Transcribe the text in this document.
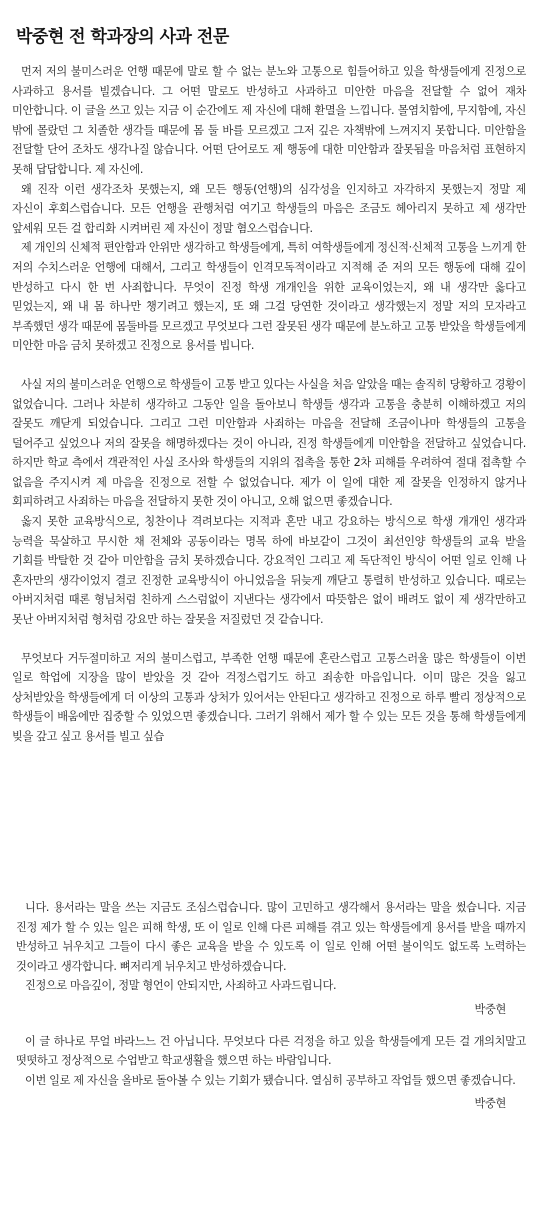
박중현 전 학과장의 사과 전문

먼저 저의 불미스러운 언행 때문에 말로 할 수 없는 분노와 고통으로 힘들어하고 있을 학생들에게 진정으로 사과하고 용서를 빌겠습니다. 그 어떤 말로도 반성하고 사과하고 미안한 마음을 전달할 수 없어 재차 미안합니다. 이 글을 쓰고 있는 지금 이 순간에도 제 자신에 대해 환멸을 느낍니다. 몰염치함에, 무지함에, 자신 밖에 몰랐던 그 치졸한 생각들 때문에 몸 둘 바를 모르겠고 그저 깊은 자책밖에 느껴지지 못합니다. 미안함을 전달할 단어 조차도 생각나질 않습니다. 어떤 단어로도 제 행동에 대한 미안함과 잘못됨을 마음처럼 표현하지 못해 답답합니다. 제 자신에.

왜 진작 이런 생각조차 못했는지, 왜 모든 행동(언행)의 심각성을 인지하고 자각하지 못했는지 정말 제 자신이 후회스럽습니다. 모든 언행을 관행처럼 여기고 학생들의 마음은 조금도 헤아리지 못하고 제 생각만 앞세워 모든 걸 합리화 시켜버린 제 자신이 정말 혐오스럽습니다.

제 개인의 신체적 편안함과 안위만 생각하고 학생들에게, 특히 여학생들에게 정신적·신체적 고통을 느끼게 한 저의 수치스러운 언행에 대해서, 그리고 학생들이 인격모독적이라고 지적해 준 저의 모든 행동에 대해 깊이 반성하고 다시 한 번 사죄합니다. 무엇이 진정 학생 개개인을 위한 교육이었는지, 왜 내 생각만 옳다고 믿었는지, 왜 내 몸 하나만 챙기려고 했는지, 또 왜 그걸 당연한 것이라고 생각했는지 정말 저의 모자라고 부족했던 생각 때문에 몸둘바를 모르겠고 무엇보다 그런 잘못된 생각 때문에 분노하고 고통 받았을 학생들에게 미안한 마음 금치 못하겠고 진정으로 용서를 빕니다.

사실 저의 불미스러운 언행으로 학생들이 고통 받고 있다는 사실을 처음 알았을 때는 솔직히 당황하고 경황이 없었습니다. 그러나 차분히 생각하고 그동안 일을 돌아보니 학생들 생각과 고통을 충분히 이해하겠고 저의 잘못도 깨닫게 되었습니다. 그리고 그런 미안함과 사죄하는 마음을 전달해 조금이나마 학생들의 고통을 덜어주고 싶었으나 저의 잘못을 해명하겠다는 것이 아니라, 진정 학생들에게 미안함을 전달하고 싶었습니다. 하지만 학교 측에서 객관적인 사실 조사와 학생들의 지위의 접촉을 통한 2차 피해를 우려하여 절대 접촉할 수 없음을 주지시켜 제 마음을 진정으로 전할 수 없었습니다. 제가 이 일에 대한 제 잘못을 인정하지 않거나 회피하려고 사죄하는 마음을 전달하지 못한 것이 아니고, 오해 없으면 좋겠습니다.

옳지 못한 교육방식으로, 칭찬이나 격려보다는 지적과 혼만 내고 강요하는 방식으로 학생 개개인 생각과 능력을 묵살하고 무시한 채 전체와 공동이라는 명목 하에 바보같이 그것이 최선인양 학생들의 교육 받을 기회를 박탈한 것 같아 미안함을 금치 못하겠습니다. 강요적인 그리고 제 독단적인 방식이 어떤 일로 인해 나 혼자만의 생각이었지 결코 진정한 교육방식이 아니었음을 뒤늦게 깨닫고 통렬히 반성하고 있습니다. 때로는 아버지처럼 때론 형님처럼 친하게 스스럼없이 지낸다는 생각에서 따뜻함은 없이 배려도 없이 제 생각만하고 못난 아버지처럼 형처럼 강요만 하는 잘못을 저질렀던 것 같습니다.

무엇보다 거두절미하고 저의 불미스럽고, 부족한 언행 때문에 혼란스럽고 고통스러울 많은 학생들이 이번 일로 학업에 지장을 많이 받았을 것 같아 걱정스럽기도 하고 죄송한 마음입니다. 이미 많은 것을 잃고 상처받았을 학생들에게 더 이상의 고통과 상처가 있어서는 안된다고 생각하고 진정으로 하루 빨리 정상적으로 학생들이 배움에만 집중할 수 있었으면 좋겠습니다. 그러기 위해서 제가 할 수 있는 모든 것을 통해 학생들에게 빚을 갚고 싶고 용서를 빌고 싶습

니다. 용서라는 말을 쓰는 지금도 조심스럽습니다. 많이 고민하고 생각해서 용서라는 말을 썼습니다. 지금 진정 제가 할 수 있는 일은 피해 학생, 또 이 일로 인해 다른 피해를 겪고 있는 학생들에게 용서를 받을 때까지 반성하고 뉘우치고 그들이 다시 좋은 교육을 받을 수 있도록 이 일로 인해 어떤 불이익도 없도록 노력하는 것이라고 생각합니다. 뼈저리게 뉘우치고 반성하겠습니다.

진정으로 마음깊이, 정말 형언이 안되지만, 사죄하고 사과드립니다.

박중현

이 글 하나로 무얼 바라느느 건 아닙니다. 무엇보다 다른 걱정을 하고 있을 학생들에게 모든 걸 개의치말고 떳떳하고 정상적으로 수업받고 학교생활을 했으면 하는 바람입니다.

이번 일로 제 자신을 올바로 돌아볼 수 있는 기회가 됐습니다. 열심히 공부하고 작업들 했으면 좋겠습니다.

박중현
